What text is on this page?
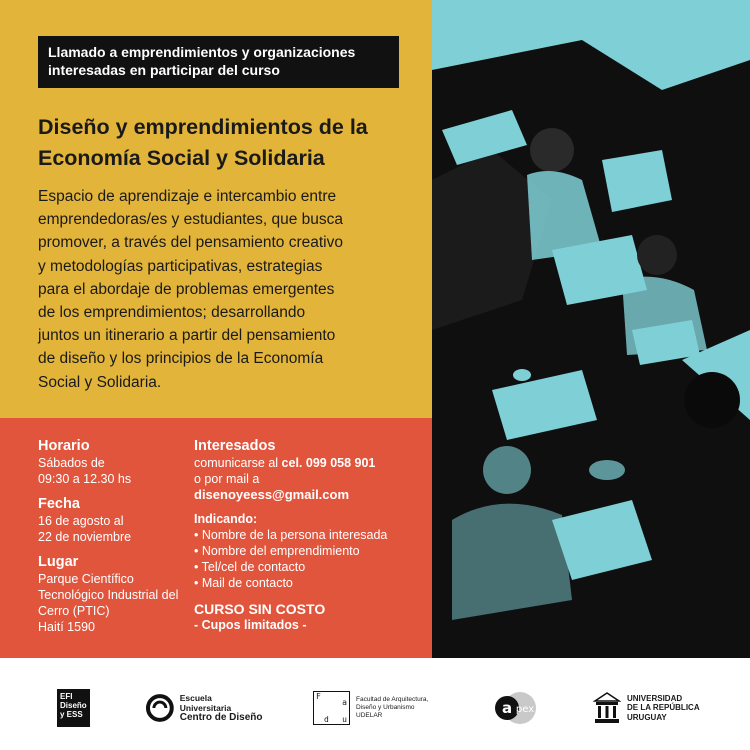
Llamado a emprendimientos y organizaciones
interesadas en participar del curso
Diseño y emprendimientos de la
Economía Social y Solidaria
Espacio de aprendizaje e intercambio entre
emprendedoras/es y estudiantes, que busca
promover, a través del pensamiento creativo
y metodologías participativas, estrategias
para el abordaje de problemas emergentes
de los emprendimientos; desarrollando
juntos un itinerario a partir del pensamiento
de diseño y los principios de la Economía
Social y Solidaria.
Horario
Sábados de
09:30 a 12.30 hs
Fecha
16 de agosto al
22 de noviembre
Lugar
Parque Científico
Tecnológico Industrial del
Cerro (PTIC)
Haití 1590
Interesados
comunicarse al cel. 099 058 901
o por mail a
disenoyeess@gmail.com
Indicando:
• Nombre de la persona interesada
• Nombre del emprendimiento
• Tel/cel de contacto
• Mail de contacto
CURSO SIN COSTO
- Cupos limitados -
EFI
Diseño
y ESS
Escuela Universitaria
Centro de Diseño
F
a
d u
Facultad de Arquitectura,
Diseño y Urbanismo
UDELAR	a pex
UNIVERSIDAD
DE LA REPÚBLICA
URUGUAY
